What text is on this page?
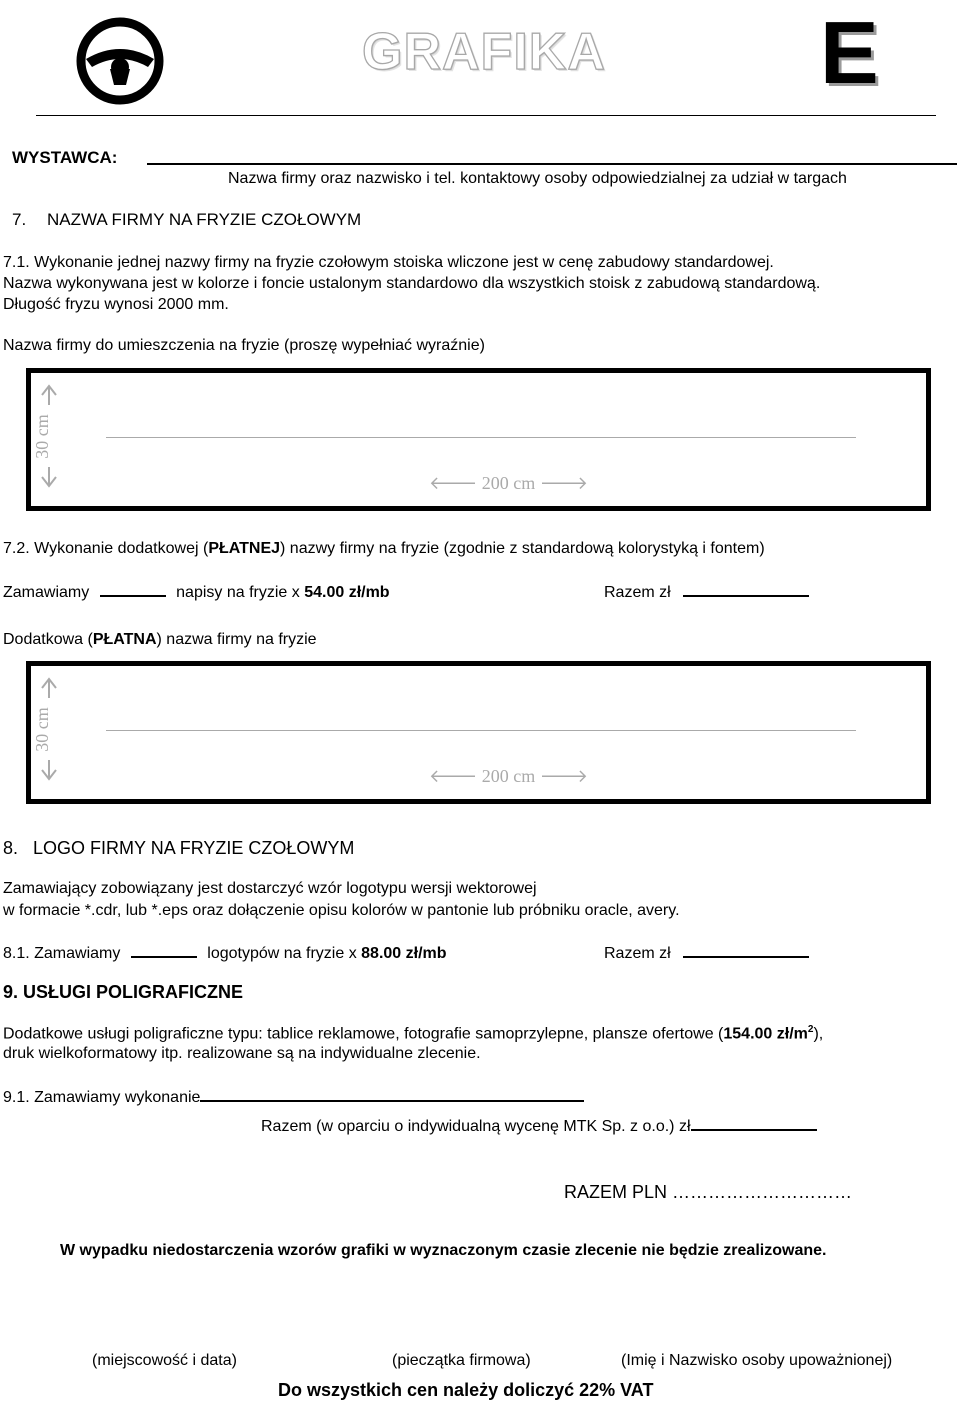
GRAFIKA E
WYSTAWCA:
Nazwa firmy oraz nazwisko i tel. kontaktowy osoby odpowiedzialnej za udział w targach
7. NAZWA FIRMY NA FRYZIE CZOŁOWYM
7.1. Wykonanie jednej nazwy firmy na fryzie czołowym stoiska wliczone jest w cenę zabudowy standardowej.
Nazwa wykonywana jest w kolorze i foncie ustalonym standardowo dla wszystkich stoisk z zabudową standardową.
Długość fryzu wynosi 2000 mm.
Nazwa firmy do umieszczenia na fryzie (proszę wypełniać wyraźnie)
30 cm
🡐 200 cm 🡒
7.2. Wykonanie dodatkowej (PŁATNEJ) nazwy firmy na fryzie (zgodnie z standardową kolorystyką i fontem)
Zamawiamy	napisy na fryzie x 54.00 zł/mb	Razem zł
Dodatkowa (PŁATNA) nazwa firmy na fryzie
30 cm
🡐 200 cm 🡒
8.   LOGO FIRMY NA FRYZIE CZOŁOWYM
Zamawiający zobowiązany jest dostarczyć wzór logotypu wersji wektorowej
w formacie *.cdr, lub *.eps oraz dołączenie opisu kolorów w pantonie lub próbniku oracle, avery.
8.1. Zamawiamy	logotypów na fryzie x 88.00 zł/mb	Razem zł
9. USŁUGI POLIGRAFICZNE
Dodatkowe usługi poligraficzne typu: tablice reklamowe, fotografie samoprzylepne, plansze ofertowe (154.00 $zł/m^2$),
druk wielkoformatowy itp. realizowane są na indywidualne zlecenie.
9.1. Zamawiamy wykonanie
Razem (w oparciu o indywidualną wycenę MTK Sp. z o.o.) zł
RAZEM PLN …………………………
W wypadku niedostarczenia wzorów grafiki w wyznaczonym czasie zlecenie nie będzie zrealizowane.
(miejscowość i data)	(pieczątka firmowa)	(Imię i Nazwisko osoby upoważnionej)
Do wszystkich cen należy doliczyć 22% VAT
